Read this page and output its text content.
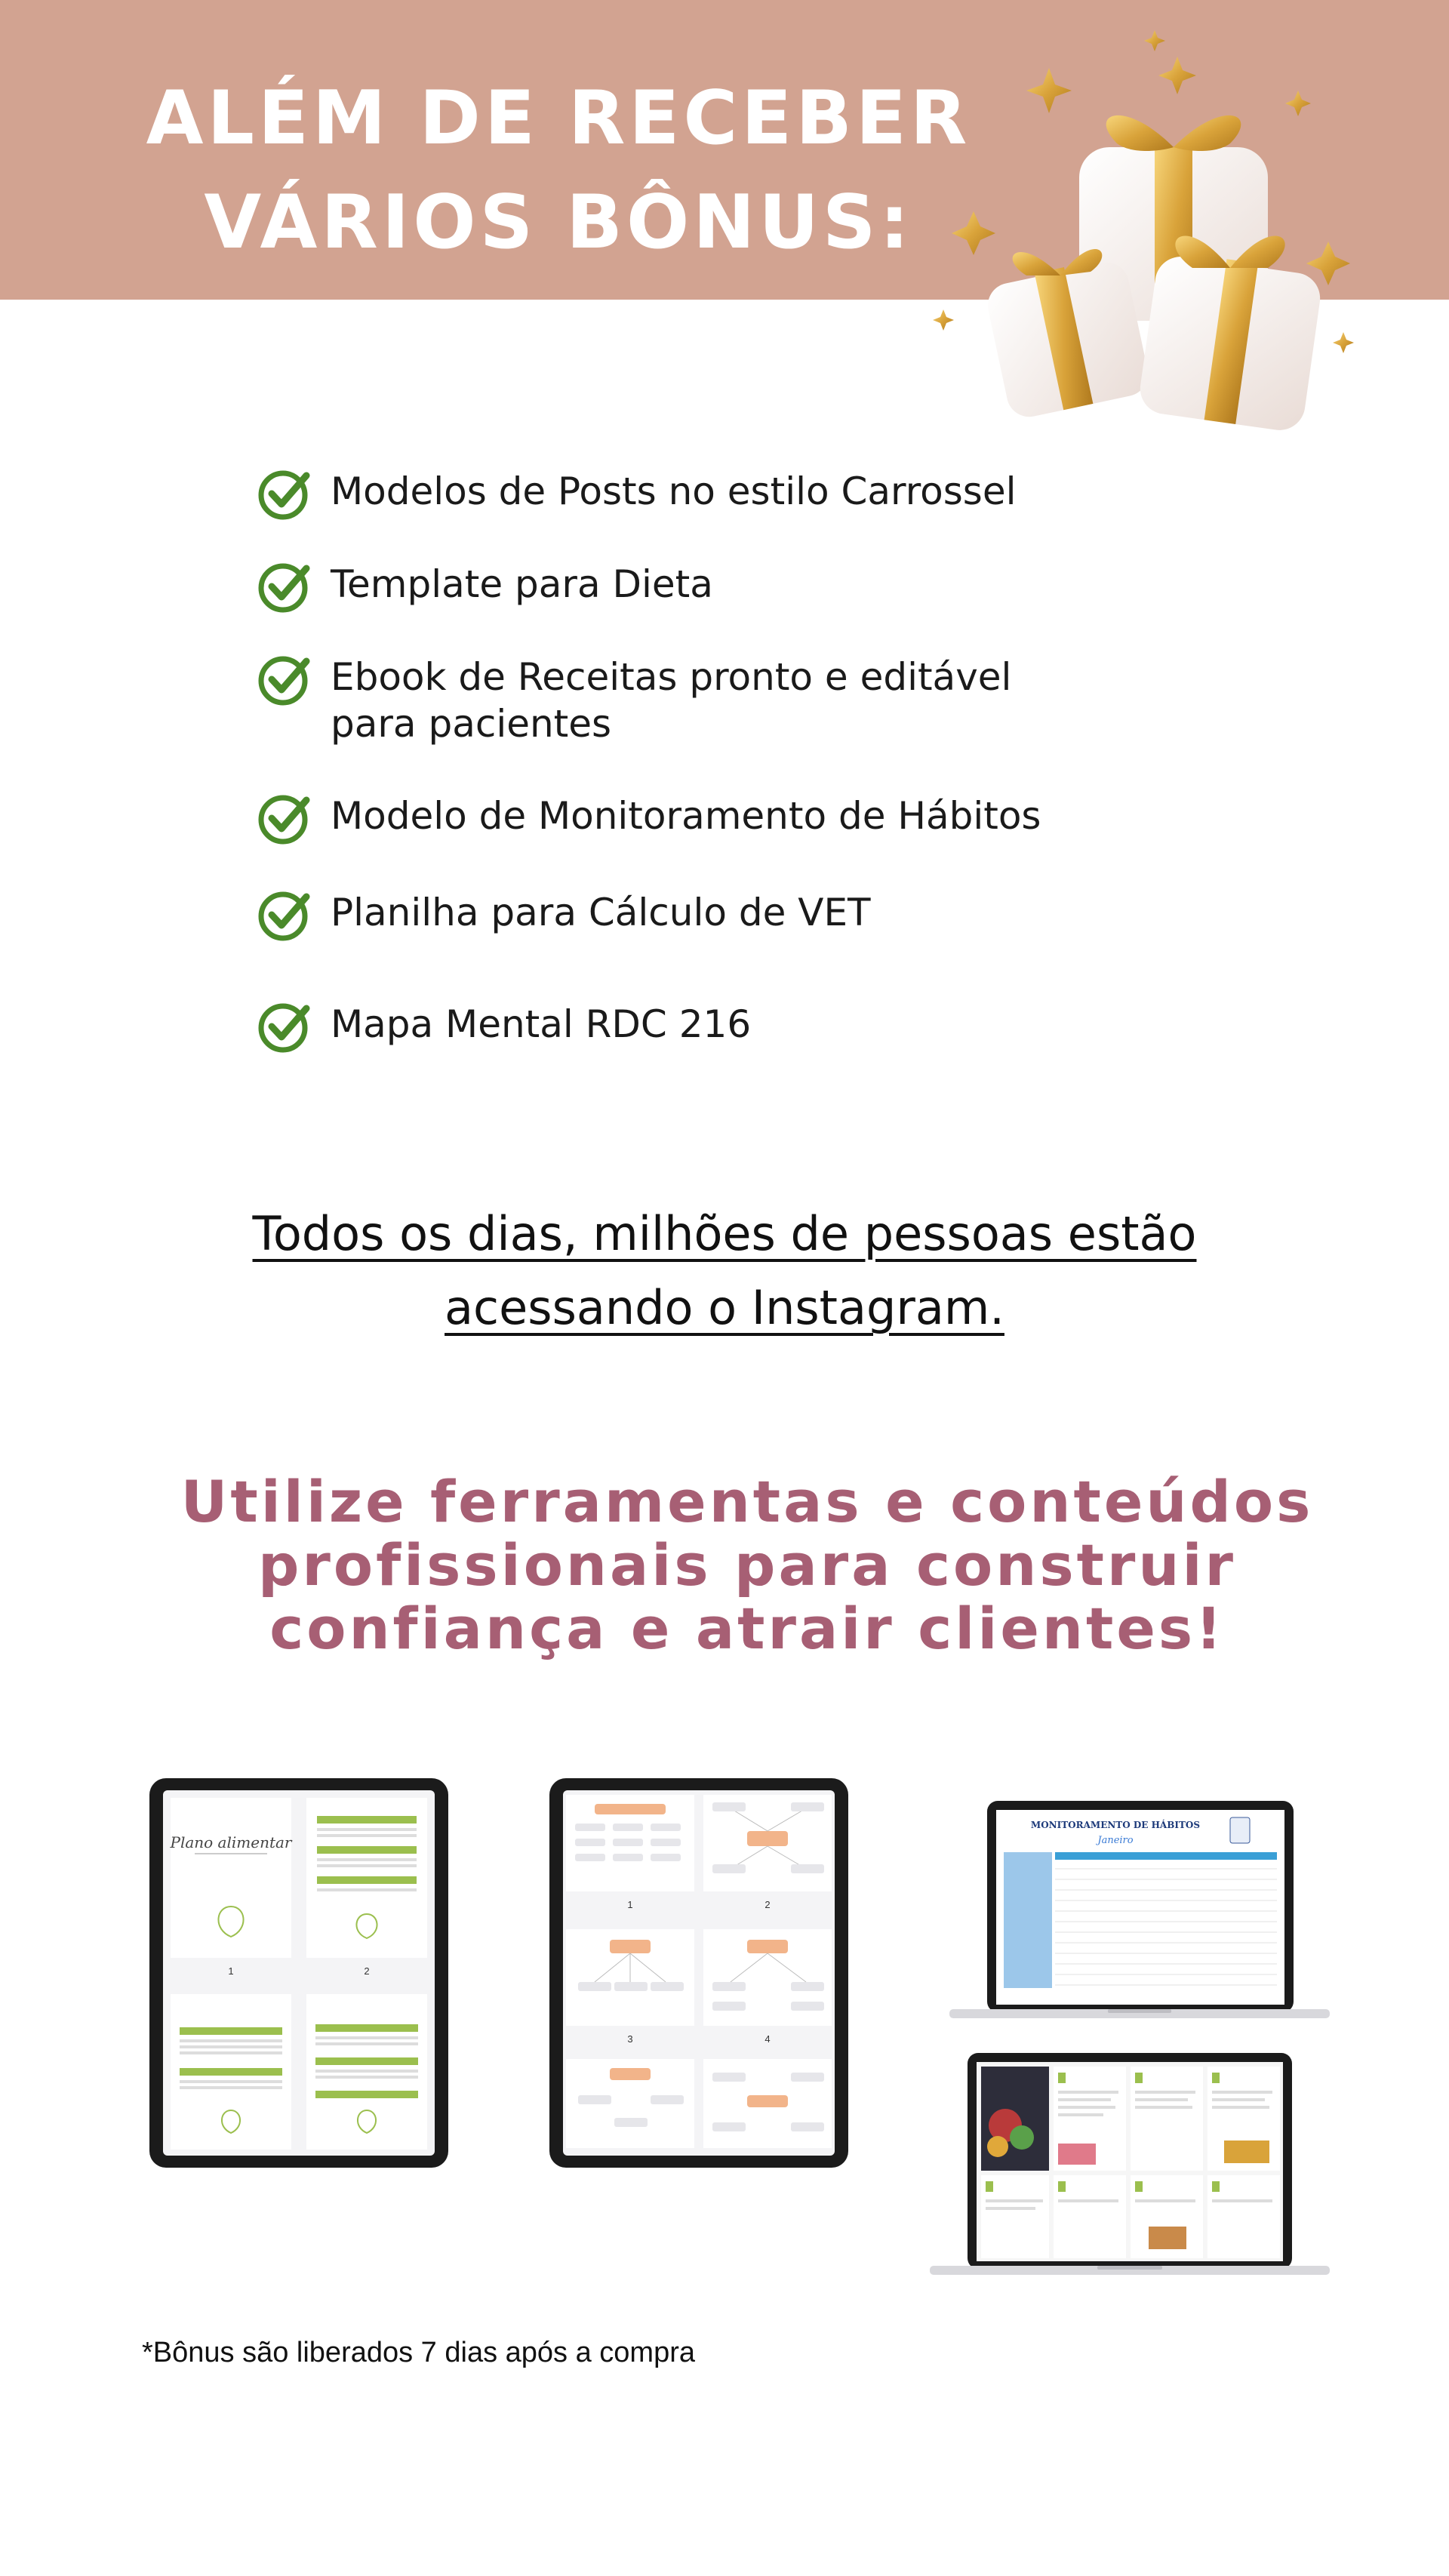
ALÉM DE RECEBER
VÁRIOS BÔNUS:
Modelos de Posts no estilo Carrossel
Template para Dieta
Ebook de Receitas pronto e editável para pacientes
Modelo de Monitoramento de Hábitos
Planilha para Cálculo de VET
Mapa Mental RDC 216
Todos os dias, milhões de pessoas estão
acessando o Instagram.
Utilize ferramentas e conteúdos
profissionais para construir
confiança e atrair clientes!
Plano alimentar
1	2
1	2
3	4
MONITORAMENTO DE HÁBITOS
Janeiro
*Bônus são liberados 7 dias após a compra
